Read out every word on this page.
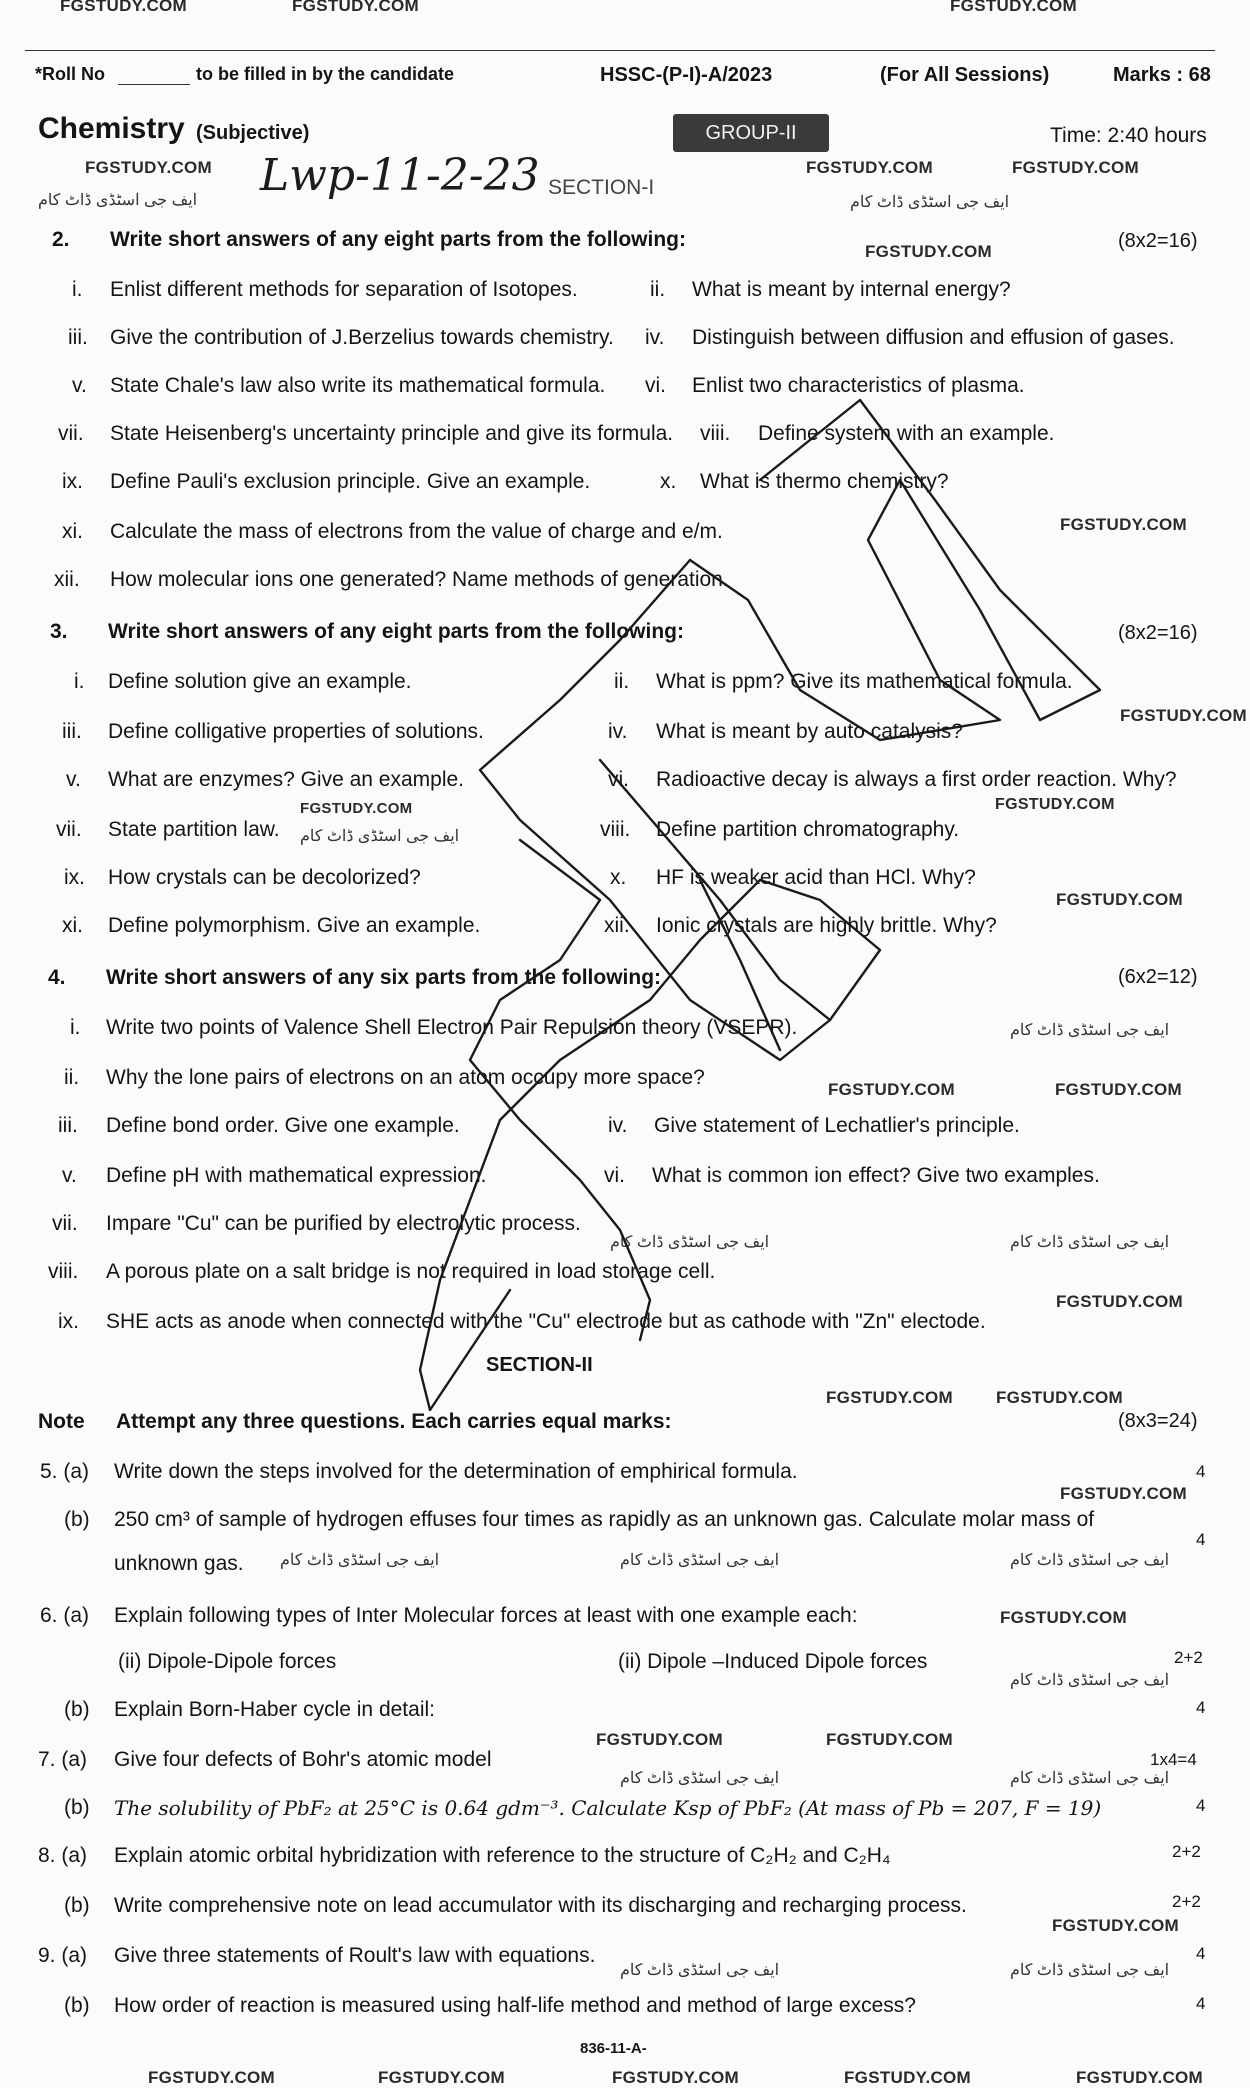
FGSTUDY.COM	FGSTUDY.COM	FGSTUDY.COM
*Roll No	to be filled in by the candidate	HSSC-(P-I)-A/2023	(For All Sessions)	Marks : 68
Chemistry (Subjective)	GROUP-II	Time: 2:40 hours
FGSTUDY.COM	FGSTUDY.COM	FGSTUDY.COM
ایف جی اسٹڈی ڈاٹ کام Lwp-11-2-23 SECTION-I
ایف جی اسٹڈی ڈاٹ کام
2. Write short answers of any eight parts from the following:	(8x2=16)
FGSTUDY.COM
i. Enlist different methods for separation of Isotopes.	ii. What is meant by internal energy?
iii. Give the contribution of J.Berzelius towards chemistry. iv. Distinguish between diffusion and effusion of gases.
v. State Chale's law also write its mathematical formula. vi. Enlist two characteristics of plasma.
vii. State Heisenberg's uncertainty principle and give its formula. viii. Define system with an example.
ix. Define Pauli's exclusion principle. Give an example.	x. What is thermo chemistry?
xi. Calculate the mass of electrons from the value of charge and e/m.	FGSTUDY.COM
xii. How molecular ions one generated? Name methods of generation.
3. Write short answers of any eight parts from the following:	(8x2=16)
i. Define solution give an example.	ii. What is ppm? Give its mathematical formula.
iii. Define colligative properties of solutions.	iv. What is meant by auto catalysis?
FGSTUDY.COM
v. What are enzymes? Give an example.	vi. Radioactive decay is always a first order reaction. Why?
FGSTUDY.COM	FGSTUDY.COM
vii. State partition law. ایف جی اسٹڈی ڈاٹ کام	viii. Define partition chromatography.
ix. How crystals can be decolorized?	x. HF is weaker acid than HCl. Why?
FGSTUDY.COM
xi. Define polymorphism. Give an example.	xii. Ionic crystals are highly brittle. Why?
4. Write short answers of any six parts from the following:	(6x2=12)
i. Write two points of Valence Shell Electron Pair Repulsion theory (VSEPR).	ایف جی اسٹڈی ڈاٹ کام
ii. Why the lone pairs of electrons on an atom occupy more space?
FGSTUDY.COM	FGSTUDY.COM
iii. Define bond order. Give one example.	iv. Give statement of Lechatlier's principle.
v. Define pH with mathematical expression.	vi. What is common ion effect? Give two examples.
vii. Impare "Cu" can be purified by electrolytic process.
ایف جی اسٹڈی ڈاٹ کام	ایف جی اسٹڈی ڈاٹ کام
viii. A porous plate on a salt bridge is not required in load storage cell.
FGSTUDY.COM
ix. SHE acts as anode when connected with the "Cu" electrode but as cathode with "Zn" electode.
SECTION-II
FGSTUDY.COM	FGSTUDY.COM
Note Attempt any three questions. Each carries equal marks:	(8x3=24)
5. (a) Write down the steps involved for the determination of emphirical formula.	4
FGSTUDY.COM
(b) 250 cm³ of sample of hydrogen effuses four times as rapidly as an unknown gas. Calculate molar mass of
unknown gas.
4
ایف جی اسٹڈی ڈاٹ کام	ایف جی اسٹڈی ڈاٹ کام	ایف جی اسٹڈی ڈاٹ کام
6. (a) Explain following types of Inter Molecular forces at least with one example each:	FGSTUDY.COM
(ii) Dipole-Dipole forces	(ii) Dipole –Induced Dipole forces	2+2
ایف جی اسٹڈی ڈاٹ کام
(b) Explain Born-Haber cycle in detail:	4
FGSTUDY.COM	FGSTUDY.COM
7. (a) Give four defects of Bohr's atomic model	1x4=4
ایف جی اسٹڈی ڈاٹ کام	ایف جی اسٹڈی ڈاٹ کام
(b) The solubility of PbF₂ at 25°C is 0.64 gdm⁻³. Calculate Ksp of PbF₂ (At mass of Pb = 207, F = 19)	4
8. (a) Explain atomic orbital hybridization with reference to the structure of C₂H₂ and C₂H₄	2+2
(b) Write comprehensive note on lead accumulator with its discharging and recharging process.	2+2
FGSTUDY.COM
9. (a) Give three statements of Roult's law with equations.	4
ایف جی اسٹڈی ڈاٹ کام	ایف جی اسٹڈی ڈاٹ کام
(b) How order of reaction is measured using half-life method and method of large excess?	4
836-11-A-
FGSTUDY.COM	FGSTUDY.COM	FGSTUDY.COM	FGSTUDY.COM	FGSTUDY.COM
